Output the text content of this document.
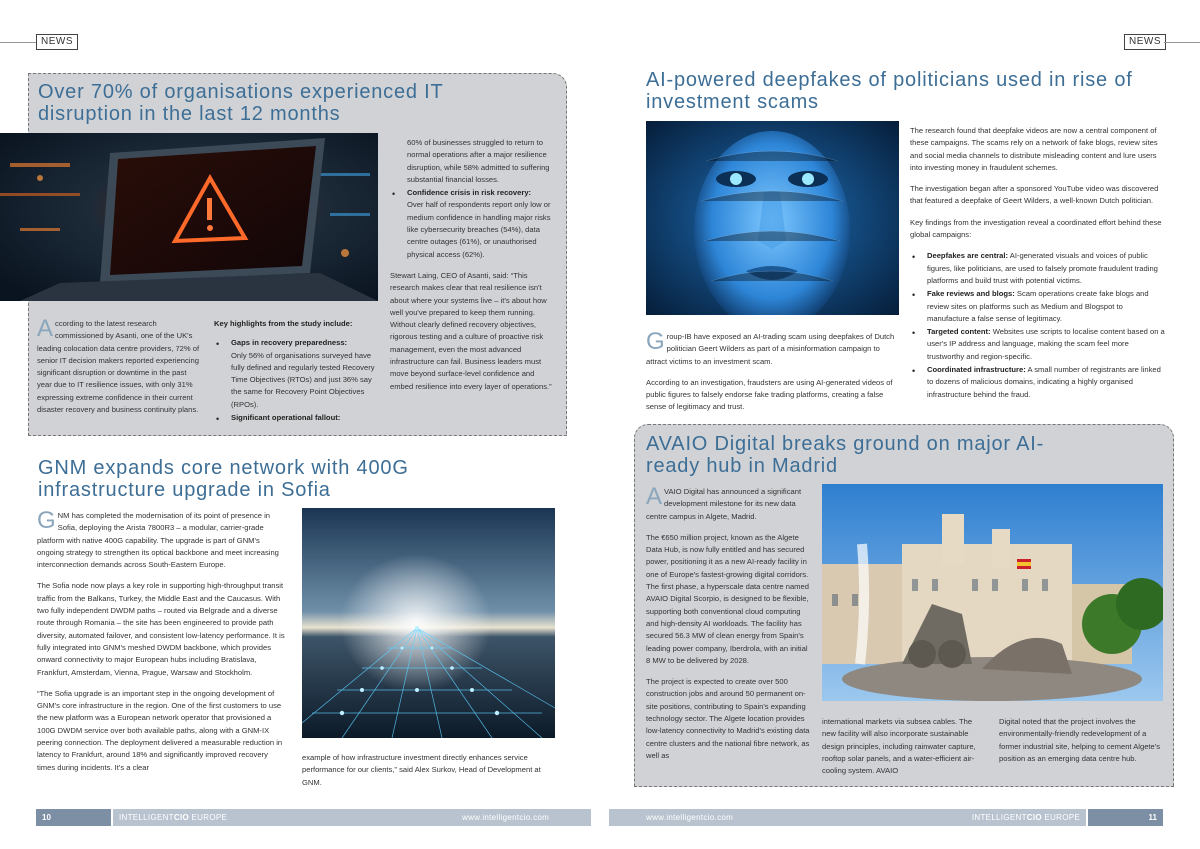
NEWS	NEWS
Over 70% of organisations experienced IT disruption in the last 12 months

According to the latest research commissioned by Asanti, one of the UK's leading colocation data centre providers, 72% of senior IT decision makers reported experiencing significant disruption or downtime in the past year due to IT resilience issues, with only 31% expressing extreme confidence in their current disaster recovery and business continuity plans.

Key highlights from the study include:

• Gaps in recovery preparedness:
Only 56% of organisations surveyed have fully defined and regularly tested Recovery Time Objectives (RTOs) and just 36% say the same for Recovery Point Objectives (RPOs).
• Significant operational fallout:
60% of businesses struggled to return to normal operations after a major resilience disruption, while 58% admitted to suffering substantial financial losses.
• Confidence crisis in risk recovery:
Over half of respondents report only low or medium confidence in handling major risks like cybersecurity breaches (54%), data centre outages (61%), or unauthorised physical access (62%).

Stewart Laing, CEO of Asanti, said: “This research makes clear that real resilience isn't about where your systems live – it's about how well you've prepared to keep them running. Without clearly defined recovery objectives, rigorous testing and a culture of proactive risk management, even the most advanced infrastructure can fail. Business leaders must move beyond surface-level confidence and embed resilience into every layer of operations.”

GNM expands core network with 400G infrastructure upgrade in Sofia

GNM has completed the modernisation of its point of presence in Sofia, deploying the Arista 7800R3 – a modular, carrier-grade platform with native 400G capability. The upgrade is part of GNM's ongoing strategy to strengthen its optical backbone and meet increasing interconnection demands across South-Eastern Europe.

The Sofia node now plays a key role in supporting high-throughput transit traffic from the Balkans, Turkey, the Middle East and the Caucasus. With two fully independent DWDM paths – routed via Belgrade and a diverse route through Romania – the site has been engineered to provide path diversity, automated failover, and consistent low-latency performance. It is fully integrated into GNM's meshed DWDM backbone, which provides onward connectivity to major European hubs including Bratislava, Frankfurt, Amsterdam, Vienna, Prague, Warsaw and Stockholm.

“The Sofia upgrade is an important step in the ongoing development of GNM's core infrastructure in the region. One of the first customers to use the new platform was a European network operator that provisioned a 100G DWDM service over both available paths, along with a GNM-IX peering connection. The deployment delivered a measurable reduction in latency to Frankfurt, around 18% and significantly improved recovery times during incidents. It's a clear

example of how infrastructure investment directly enhances service performance for our clients,” said Alex Surkov, Head of Development at GNM.

AI-powered deepfakes of politicians used in rise of investment scams

Group-IB have exposed an AI-trading scam using deepfakes of Dutch politician Geert Wilders as part of a misinformation campaign to attract victims to an investment scam.

According to an investigation, fraudsters are using AI-generated videos of public figures to falsely endorse fake trading platforms, creating a false sense of legitimacy and trust.

The research found that deepfake videos are now a central component of these campaigns. The scams rely on a network of fake blogs, review sites and social media channels to distribute misleading content and lure users into investing money in fraudulent schemes.

The investigation began after a sponsored YouTube video was discovered that featured a deepfake of Geert Wilders, a well-known Dutch politician.

Key findings from the investigation reveal a coordinated effort behind these global campaigns:

• Deepfakes are central: AI-generated visuals and voices of public figures, like politicians, are used to falsely promote fraudulent trading platforms and build trust with potential victims.
• Fake reviews and blogs: Scam operations create fake blogs and review sites on platforms such as Medium and Blogspot to manufacture a false sense of legitimacy.
• Targeted content: Websites use scripts to localise content based on a user's IP address and language, making the scam feel more trustworthy and region-specific.
• Coordinated infrastructure: A small number of registrants are linked to dozens of malicious domains, indicating a highly organised infrastructure behind the fraud.
AVAIO Digital breaks ground on major AI-ready hub in Madrid

AVAIO Digital has announced a significant development milestone for its new data centre campus in Algete, Madrid.

The €650 million project, known as the Algete Data Hub, is now fully entitled and has secured power, positioning it as a new AI-ready facility in one of Europe's fastest-growing digital corridors. The first phase, a hyperscale data centre named AVAIO Digital Scorpio, is designed to be flexible, supporting both conventional cloud computing and high-density AI workloads. The facility has secured 56.3 MW of clean energy from Spain's leading power company, Iberdrola, with an initial 8 MW to be delivered by 2028.

The project is expected to create over 500 construction jobs and around 50 permanent on-site positions, contributing to Spain's expanding technology sector. The Algete location provides low-latency connectivity to Madrid's existing data centre clusters and the national fibre network, as well as

international markets via subsea cables. The new facility will also incorporate sustainable design principles, including rainwater capture, rooftop solar panels, and a water-efficient air-cooling system. AVAIO

Digital noted that the project involves the environmentally-friendly redevelopment of a former industrial site, helping to cement Algete's position as an emerging data centre hub.

10	INTELLIGENTCIO EUROPE	www.intelligentcio.com	www.intelligentcio.com	INTELLIGENTCIO EUROPE	11
